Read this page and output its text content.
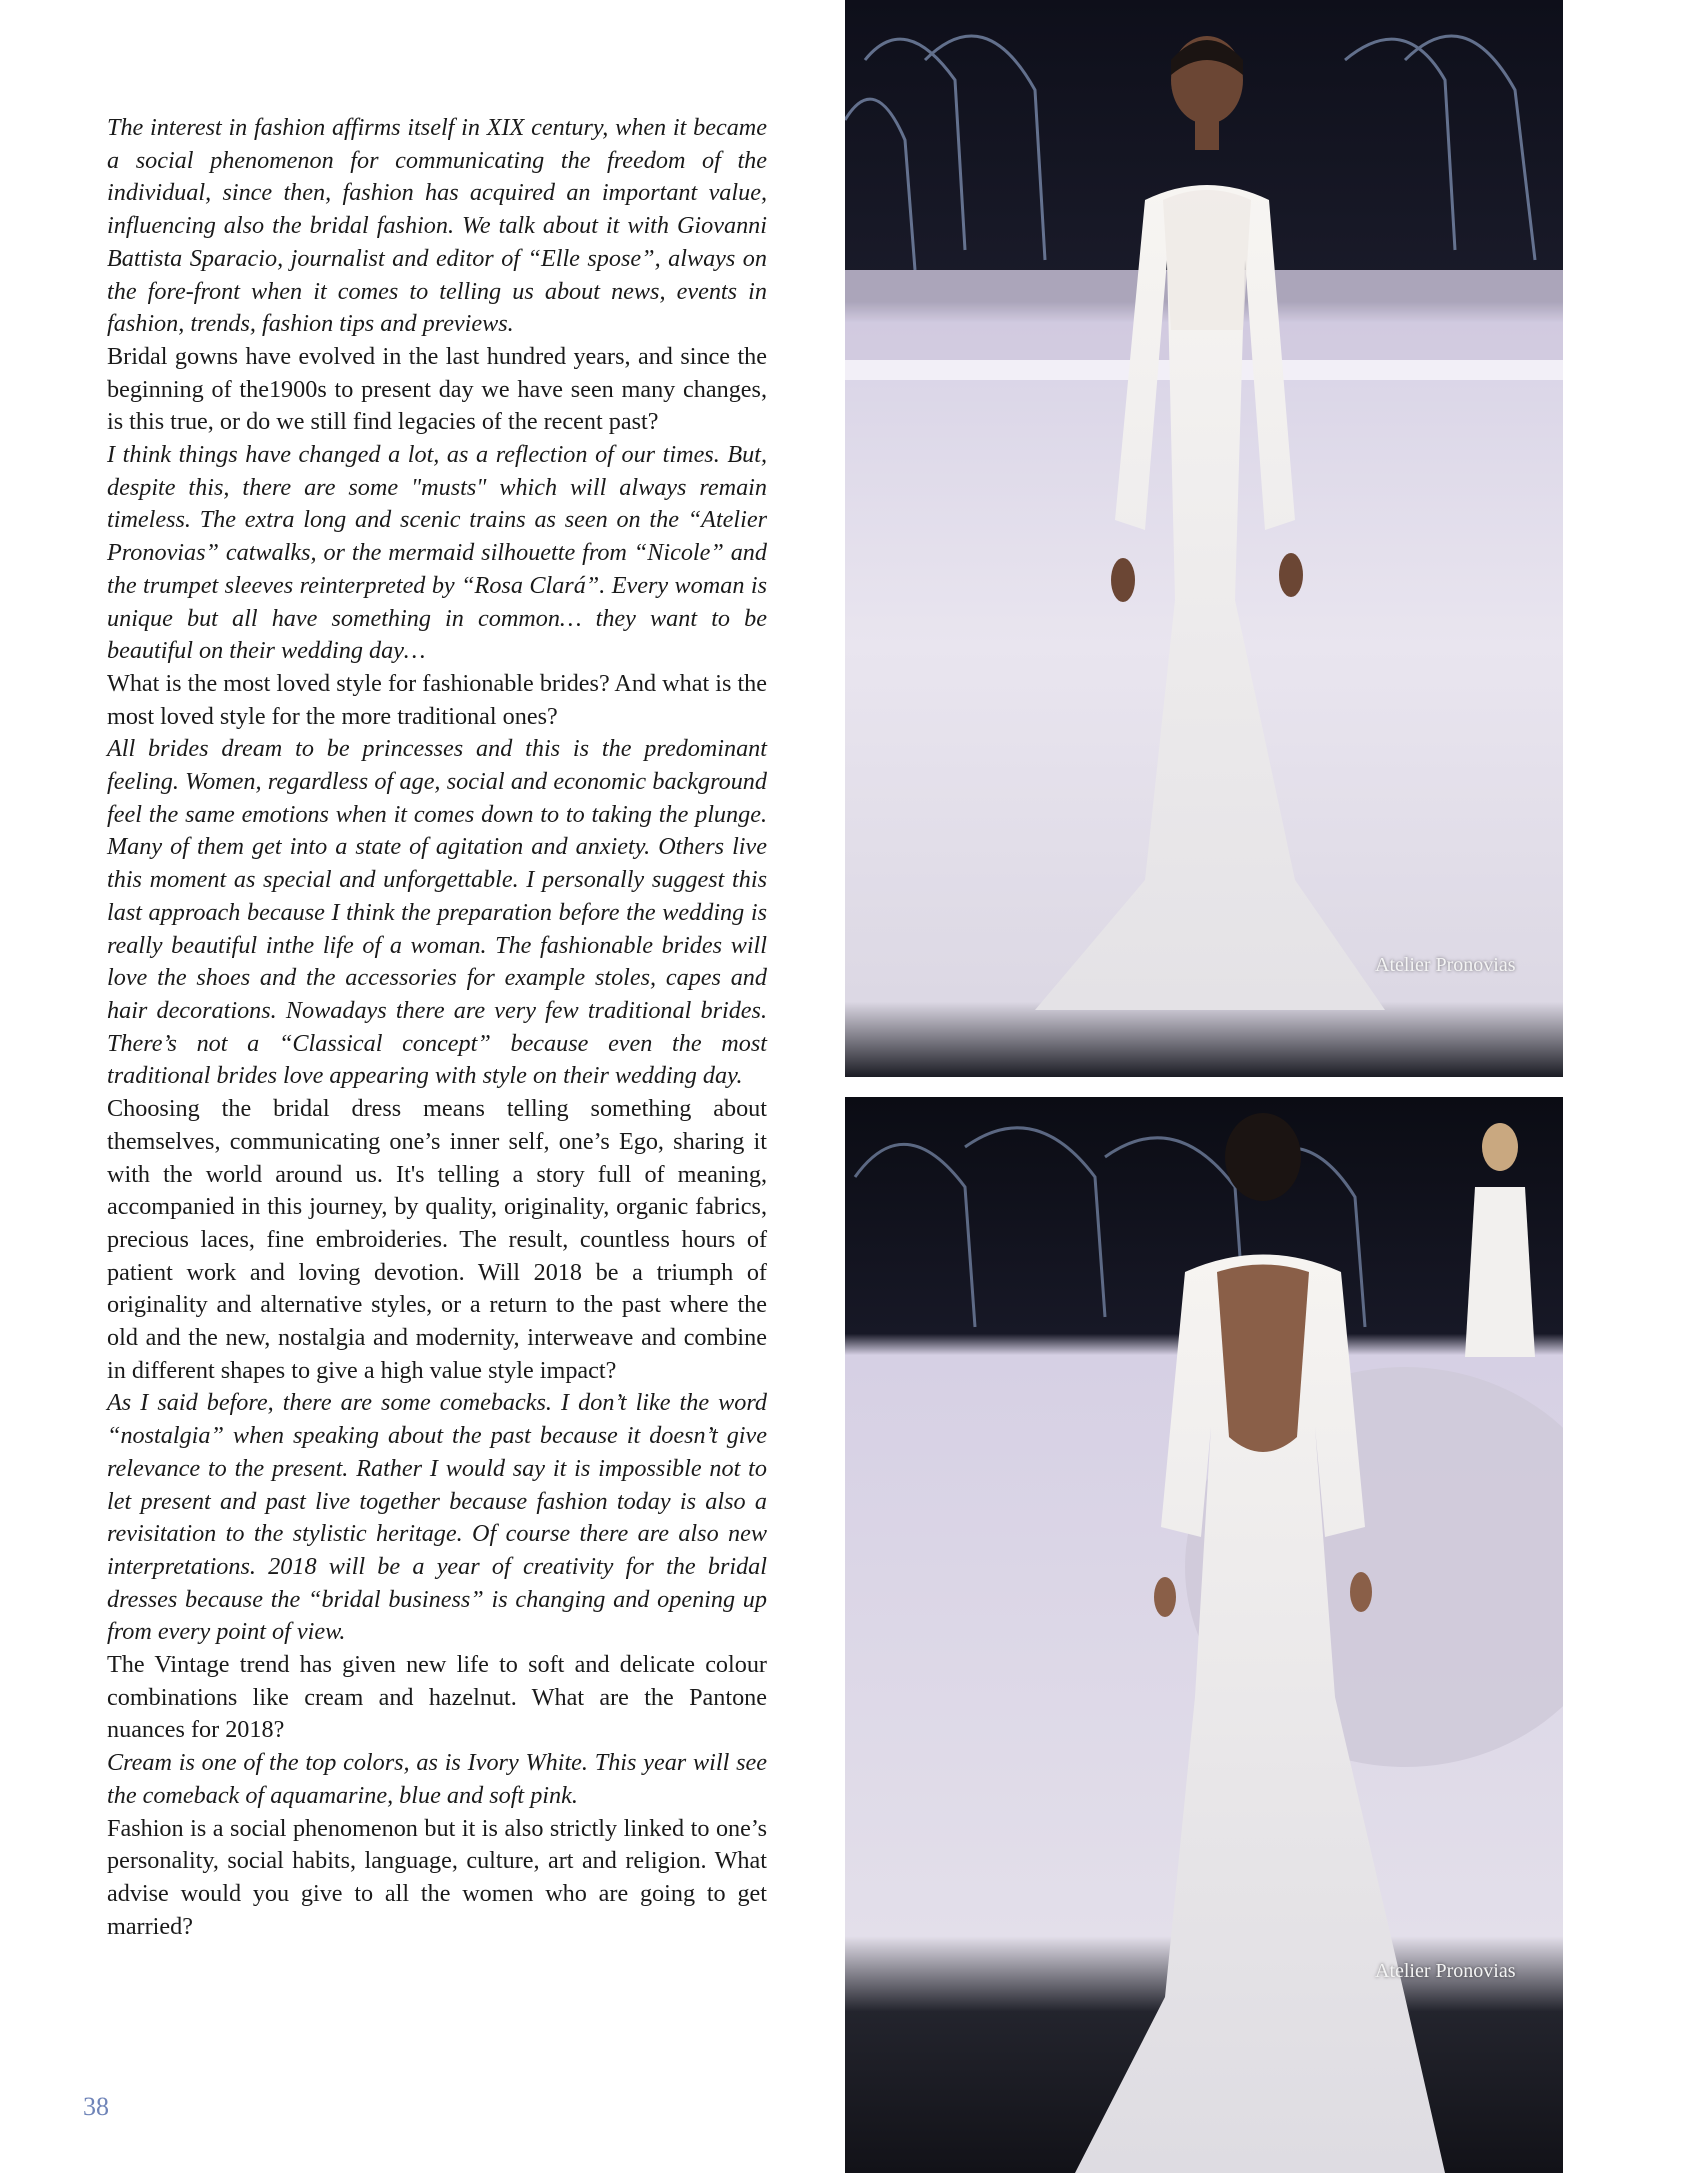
The interest in fashion affirms itself in XIX century, when it became a social phenomenon for communicating the freedom of the individual, since then, fashion has acquired an important value, influencing also the bridal fashion. We talk about it with Giovanni Battista Sparacio, journalist and editor of “Elle spose”, always on the fore-front when it comes to telling us about news, events in fashion, trends, fashion tips and previews.

Bridal gowns have evolved in the last hundred years, and since the beginning of the1900s to present day we have seen many changes, is this true, or do we still find legacies of the recent past?

I think things have changed a lot, as a reflection of our times. But, despite this, there are some "musts" which will always remain timeless. The extra long and scenic trains as seen on the “Atelier Pronovias” catwalks, or the mermaid silhouette from “Nicole” and the trumpet sleeves reinterpreted by “Rosa Clará”. Every woman is unique but all have something in common… they want to be beautiful on their wedding day…

What is the most loved style for fashionable brides? And what is the most loved style for the more traditional ones?

All brides dream to be princesses and this is the predominant feeling. Women, regardless of age, social and economic background feel the same emotions when it comes down to to taking the plunge. Many of them get into a state of agitation and anxiety. Others live this moment as special and unforgettable. I personally suggest this last approach because I think the preparation before the wedding is really beautiful inthe life of a woman. The fashionable brides will love the shoes and the accessories for example stoles, capes and hair decorations. Nowadays there are very few traditional brides. There’s not a “Classical concept” because even the most traditional brides love appearing with style on their wedding day.

Choosing the bridal dress means telling something about themselves, communicating one’s inner self, one’s Ego, sharing it with the world around us. It's telling a story full of meaning, accompanied in this journey, by quality, originality, organic fabrics, precious laces, fine embroideries. The result, countless hours of patient work and loving devotion. Will 2018 be a triumph of originality and alternative styles, or a return to the past where the old and the new, nostalgia and modernity, interweave and combine in different shapes to give a high value style impact?

As I said before, there are some comebacks. I don’t like the word “nostalgia” when speaking about the past because it doesn’t give relevance to the present. Rather I would say it is impossible not to let present and past live together because fashion today is also a revisitation to the stylistic heritage. Of course there are also new interpretations. 2018 will be a year of creativity for the bridal dresses because the “bridal business” is changing and opening up from every point of view.

The Vintage trend has given new life to soft and delicate colour combinations like cream and hazelnut. What are the Pantone nuances for 2018?

Cream is one of the top colors, as is Ivory White. This year will see the comeback of aquamarine, blue and soft pink.

Fashion is a social phenomenon but it is also strictly linked to one’s personality, social habits, language, culture, art and religion. What advise would you give to all the women who are going to get married?

38
Atelier Pronovias
Atelier Pronovias
